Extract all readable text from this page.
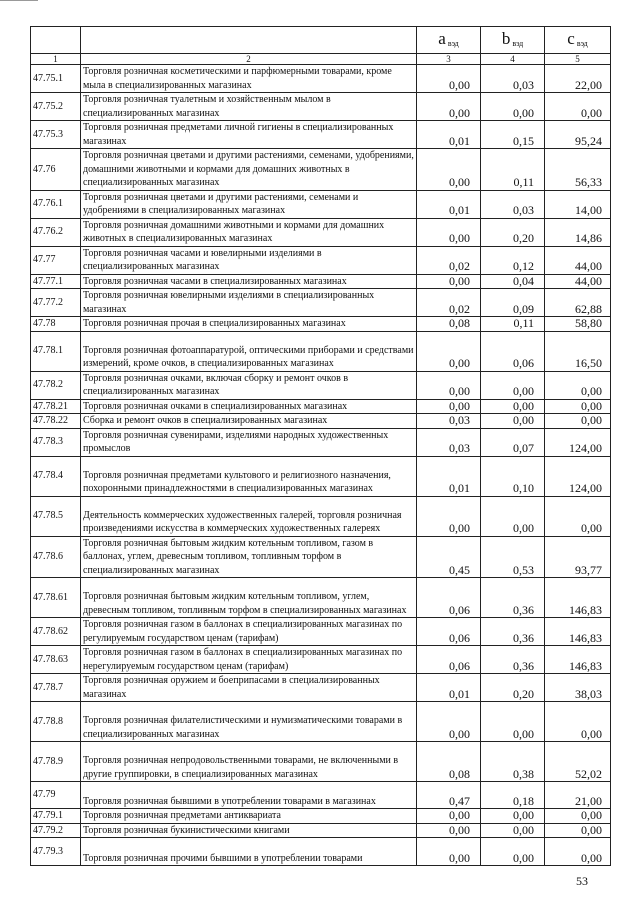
		a $_{вэд}$	b $_{вэд}$	c $_{вэд}$
1	2	3	4	5
47.75.1	Торговля розничная косметическими и парфюмерными товарами, кроме мыла в специализированных магазинах	0,00	0,03	22,00
47.75.2	Торговля розничная туалетным и хозяйственным мылом в специализированных магазинах	0,00	0,00	0,00
47.75.3	Торговля розничная предметами личной гигиены в специализированных магазинах	0,01	0,15	95,24
47.76	Торговля розничная цветами и другими растениями, семенами, удобрениями, домашними животными и кормами для домашних животных в специализированных магазинах	0,00	0,11	56,33
47.76.1	Торговля розничная цветами и другими растениями, семенами и удобрениями в специализированных магазинах	0,01	0,03	14,00
47.76.2	Торговля розничная домашними животными и кормами для домашних животных в специализированных магазинах	0,00	0,20	14,86
47.77	Торговля розничная часами и ювелирными изделиями в специализированных магазинах	0,02	0,12	44,00
47.77.1	Торговля розничная часами в специализированных магазинах	0,00	0,04	44,00
47.77.2	Торговля розничная ювелирными изделиями в специализированных магазинах	0,02	0,09	62,88
47.78	Торговля розничная прочая в специализированных магазинах	0,08	0,11	58,80
47.78.1	Торговля розничная фотоаппаратурой, оптическими приборами и средствами измерений, кроме очков, в специализированных магазинах	0,00	0,06	16,50
47.78.2	Торговля розничная очками, включая сборку и ремонт очков в специализированных магазинах	0,00	0,00	0,00
47.78.21	Торговля розничная очками в специализированных магазинах	0,00	0,00	0,00
47.78.22	Сборка и ремонт очков в специализированных магазинах	0,03	0,00	0,00
47.78.3	Торговля розничная сувенирами, изделиями народных художественных промыслов	0,03	0,07	124,00
47.78.4	Торговля розничная предметами культового и религиозного назначения, похоронными принадлежностями в специализированных магазинах	0,01	0,10	124,00
47.78.5	Деятельность коммерческих художественных галерей, торговля розничная произведениями искусства в коммерческих художественных галереях	0,00	0,00	0,00
47.78.6	Торговля розничная бытовым жидким котельным топливом, газом в баллонах, углем, древесным топливом, топливным торфом в специализированных магазинах	0,45	0,53	93,77
47.78.61	Торговля розничная бытовым жидким котельным топливом, углем, древесным топливом, топливным торфом в специализированных магазинах	0,06	0,36	146,83
47.78.62	Торговля розничная газом в баллонах в специализированных магазинах по регулируемым государством ценам (тарифам)	0,06	0,36	146,83
47.78.63	Торговля розничная газом в баллонах в специализированных магазинах по нерегулируемым государством ценам (тарифам)	0,06	0,36	146,83
47.78.7	Торговля розничная оружием и боеприпасами в специализированных магазинах	0,01	0,20	38,03
47.78.8	Торговля розничная филателистическими и нумизматическими товарами в специализированных магазинах	0,00	0,00	0,00
47.78.9	Торговля розничная непродовольственными товарами, не включенными в другие группировки, в специализированных магазинах	0,08	0,38	52,02
47.79	Торговля розничная бывшими в употреблении товарами в магазинах	0,47	0,18	21,00
47.79.1	Торговля розничная предметами антиквариата	0,00	0,00	0,00
47.79.2	Торговля розничная букинистическими книгами	0,00	0,00	0,00
47.79.3	Торговля розничная прочими бывшими в употреблении товарами	0,00	0,00	0,00
53
